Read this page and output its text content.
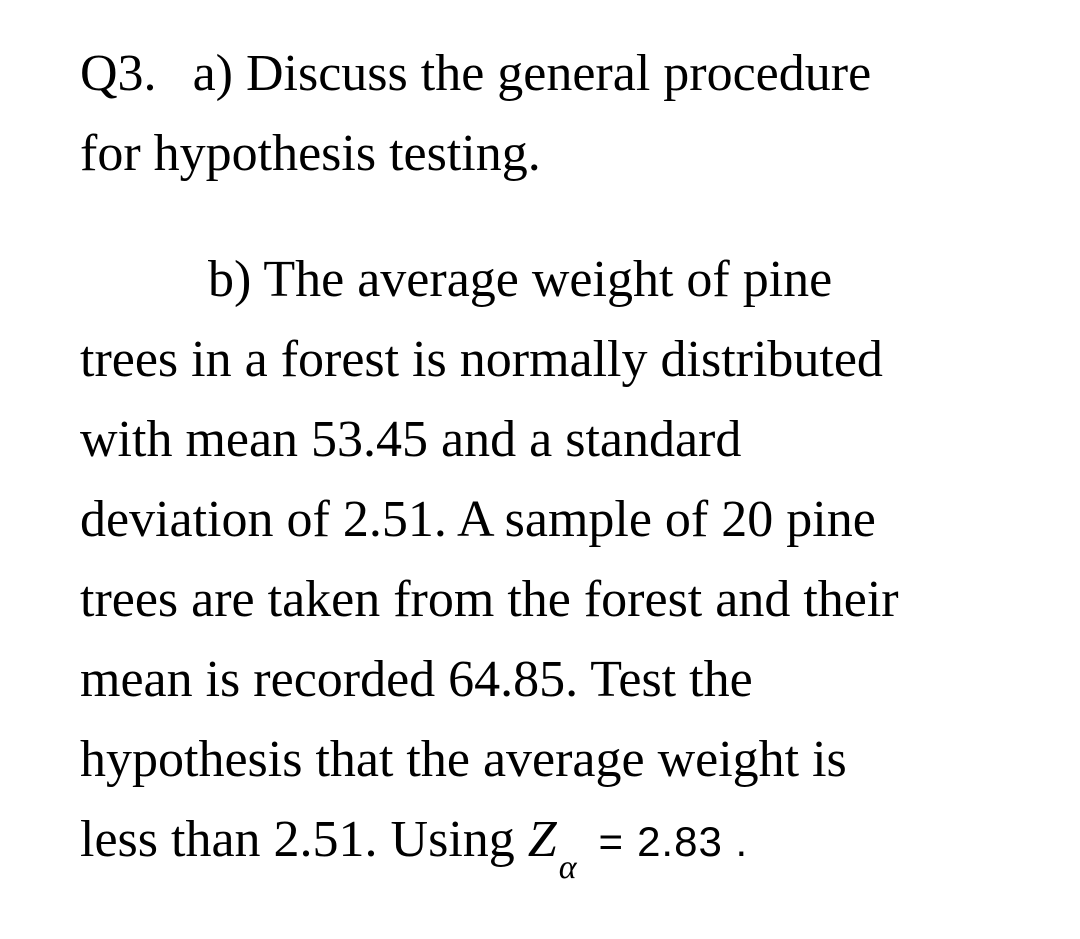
Q3. a) Discuss the general procedure
for hypothesis testing.
b) The average weight of pine
trees in a forest is normally distributed
with mean 53.45 and a standard
deviation of 2.51. A sample of 20 pine
trees are taken from the forest and their
mean is recorded 64.85. Test the
hypothesis that the average weight is
less than 2.51. Using $Z_\alpha= 2.83$ .
